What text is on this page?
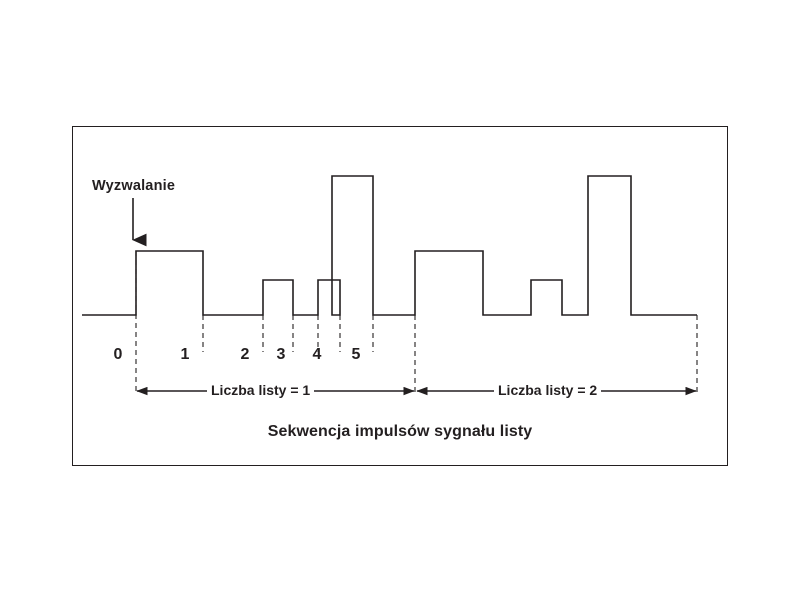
Wyzwalanie
0	1	2	3	4	5
Liczba listy = 1	Liczba listy = 2
Sekwencja impulsów sygnału listy
